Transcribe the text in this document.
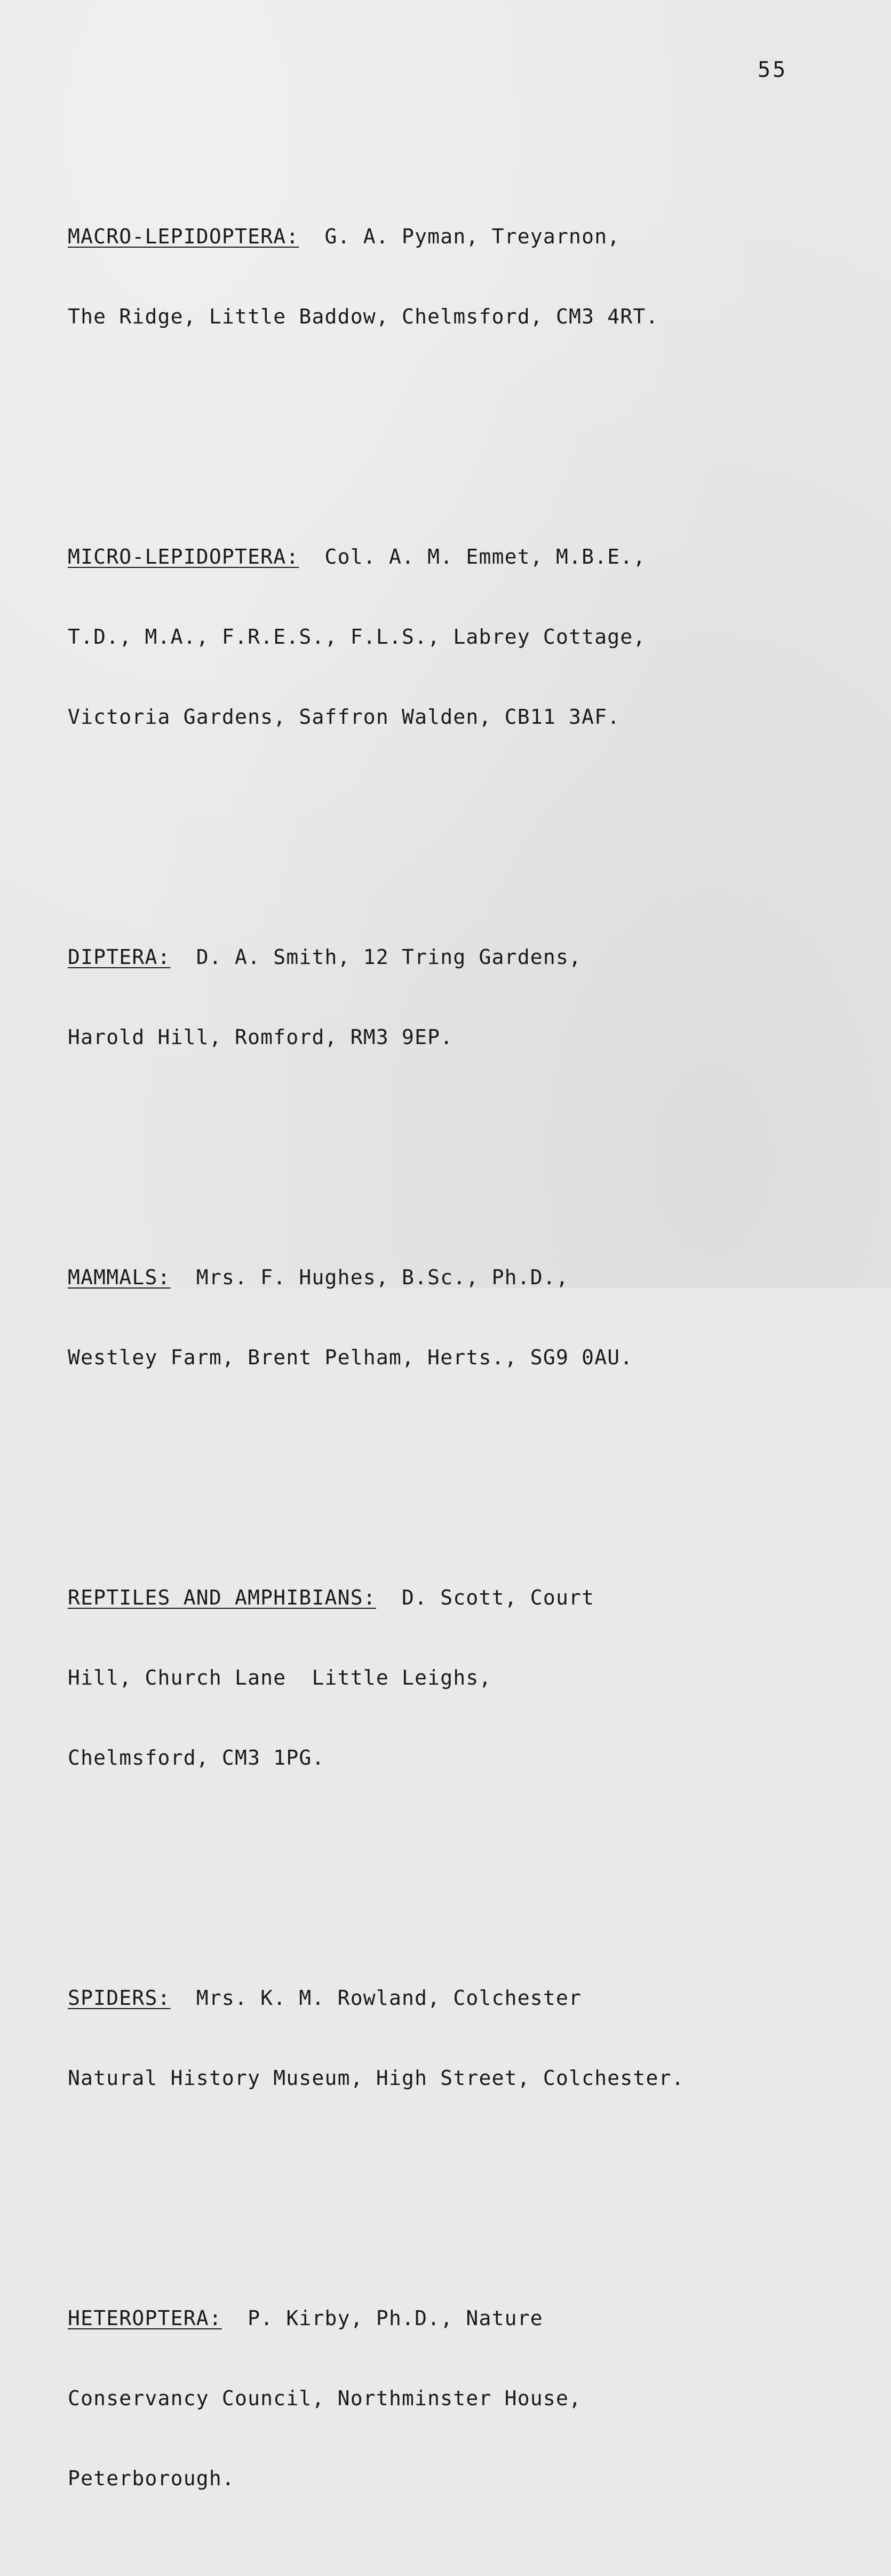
55

MACRO-LEPIDOPTERA:  G. A. Pyman, Treyarnon,

The Ridge, Little Baddow, Chelmsford, CM3 4RT.

MICRO-LEPIDOPTERA:  Col. A. M. Emmet, M.B.E.,

T.D., M.A., F.R.E.S., F.L.S., Labrey Cottage,

Victoria Gardens, Saffron Walden, CB11 3AF.

DIPTERA:  D. A. Smith, 12 Tring Gardens,

Harold Hill, Romford, RM3 9EP.

MAMMALS:  Mrs. F. Hughes, B.Sc., Ph.D.,

Westley Farm, Brent Pelham, Herts., SG9 0AU.

REPTILES AND AMPHIBIANS:  D. Scott, Court

Hill, Church Lane  Little Leighs,

Chelmsford, CM3 1PG.

SPIDERS:  Mrs. K. M. Rowland, Colchester

Natural History Museum, High Street, Colchester.

HETEROPTERA:  P. Kirby, Ph.D., Nature

Conservancy Council, Northminster House,

Peterborough.
